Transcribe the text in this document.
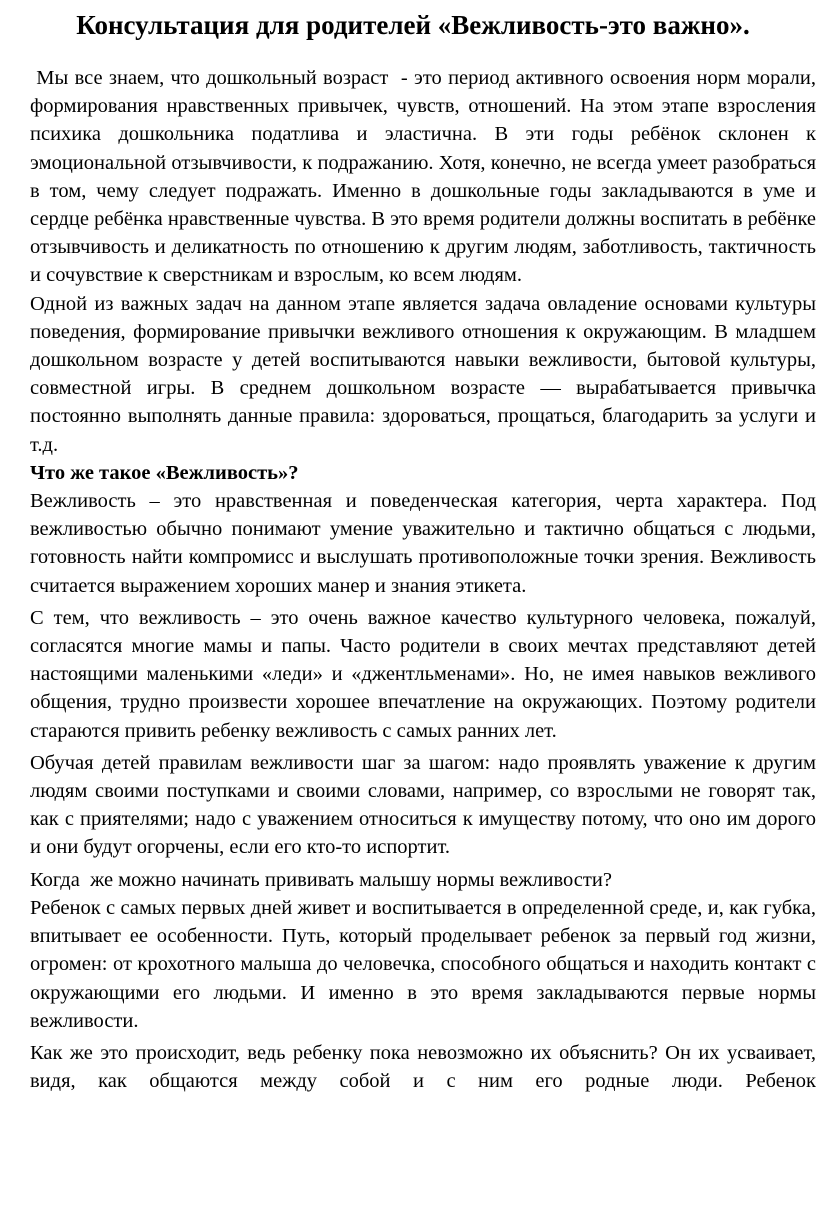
Консультация для родителей «Вежливость-это важно».

Мы все знаем, что дошкольный возраст  - это период активного освоения норм морали, формирования нравственных привычек, чувств, отношений. На этом этапе взросления психика дошкольника податлива и эластична. В эти годы ребёнок склонен к эмоциональной отзывчивости, к подражанию. Хотя, конечно, не всегда умеет разобраться в том, чему следует подражать. Именно в дошкольные годы закладываются в уме и сердце ребёнка нравственные чувства. В это время родители должны воспитать в ребёнке отзывчивость и деликатность по отношению к другим людям, заботливость, тактичность и сочувствие к сверстникам и взрослым, ко всем людям.

Одной из важных задач на данном этапе является задача овладение основами культуры поведения, формирование привычки вежливого отношения к окружающим. В младшем дошкольном возрасте у детей воспитываются навыки вежливости, бытовой культуры, совместной игры. В среднем дошкольном возрасте — вырабатывается привычка постоянно выполнять данные правила: здороваться, прощаться, благодарить за услуги и т.д.

Что же такое «Вежливость»?

Вежливость – это нравственная и поведенческая категория, черта характера. Под вежливостью обычно понимают умение уважительно и тактично общаться с людьми, готовность найти компромисс и выслушать противоположные точки зрения. Вежливость считается выражением хороших манер и знания этикета.

С тем, что вежливость – это очень важное качество культурного человека, пожалуй, согласятся многие мамы и папы. Часто родители в своих мечтах представляют детей настоящими маленькими «леди» и «джентльменами». Но, не имея навыков вежливого общения, трудно произвести хорошее впечатление на окружающих. Поэтому родители стараются привить ребенку вежливость с самых ранних лет.

Обучая детей правилам вежливости шаг за шагом: надо проявлять уважение к другим людям своими поступками и своими словами, например, со взрослыми не говорят так, как с приятелями; надо с уважением относиться к имуществу потому, что оно им дорого и они будут огорчены, если его кто-то испортит.

Когда  же можно начинать прививать малышу нормы вежливости?

Ребенок с самых первых дней живет и воспитывается в определенной среде, и, как губка, впитывает ее особенности. Путь, который проделывает ребенок за первый год жизни, огромен: от крохотного малыша до человечка, способного общаться и находить контакт с окружающими его людьми. И именно в это время закладываются первые нормы вежливости.

Как же это происходит, ведь ребенку пока невозможно их объяснить? Он их усваивает, видя, как общаются между собой и с ним его родные люди. Ребенок
